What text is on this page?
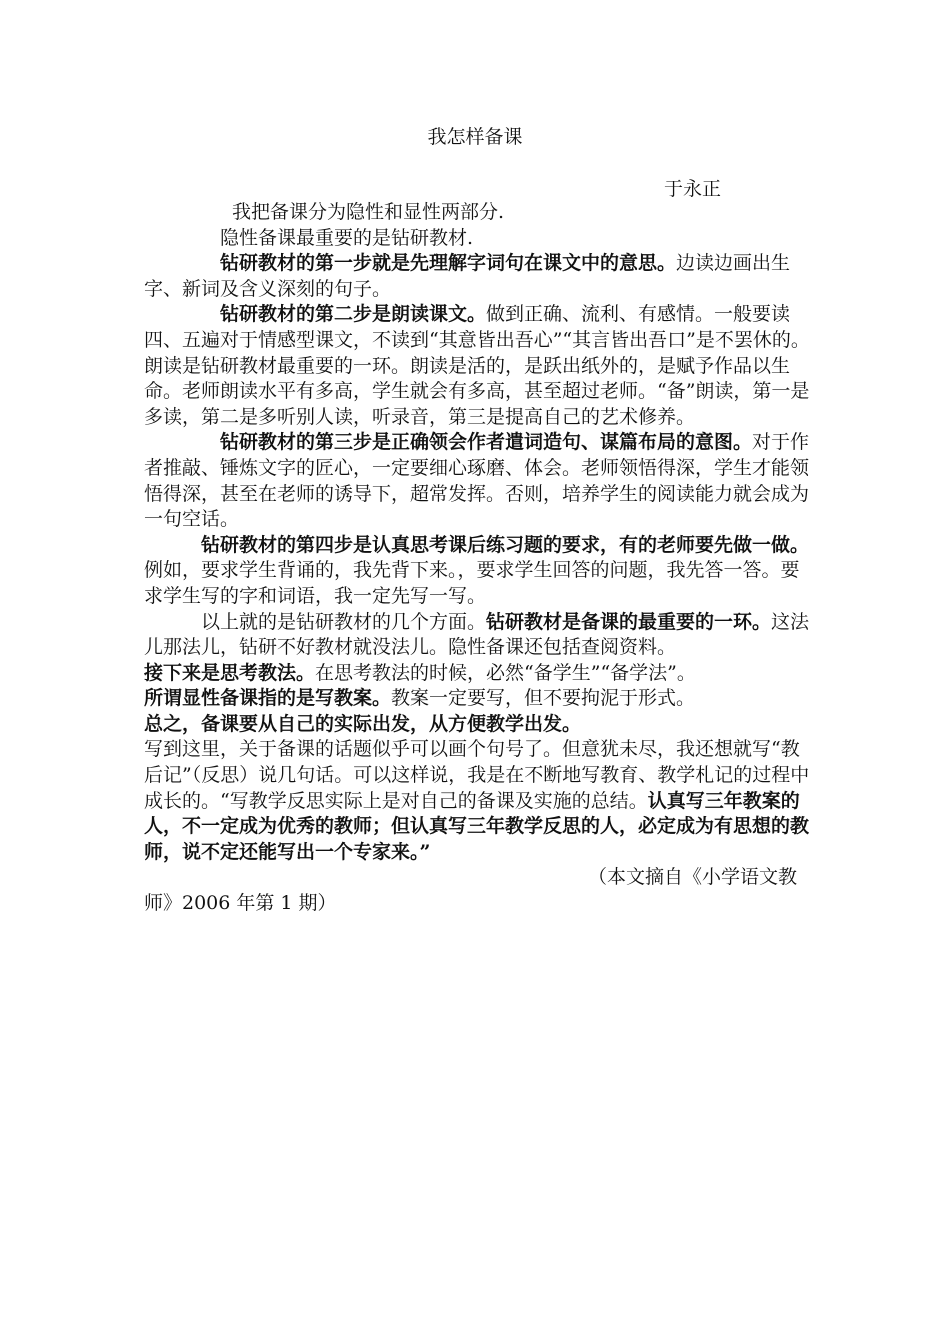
我怎样备课
于永正

我把备课分为隐性和显性两部分.

隐性备课最重要的是钻研教材.

钻研教材的第一步就是先理解字词句在课文中的意思。边读边画出生字、新词及含义深刻的句子。

钻研教材的第二步是朗读课文。做到正确、流利、有感情。一般要读四、五遍对于情感型课文，不读到“其意皆出吾心”“其言皆出吾口”是不罢休的。朗读是钻研教材最重要的一环。朗读是活的，是跃出纸外的，是赋予作品以生命。老师朗读水平有多高，学生就会有多高，甚至超过老师。“备”朗读，第一是多读，第二是多听别人读，听录音，第三是提高自己的艺术修养。

钻研教材的第三步是正确领会作者遣词造句、谋篇布局的意图。对于作者推敲、锤炼文字的匠心，一定要细心琢磨、体会。老师领悟得深，学生才能领悟得深，甚至在老师的诱导下，超常发挥。否则，培养学生的阅读能力就会成为一句空话。

钻研教材的第四步是认真思考课后练习题的要求，有的老师要先做一做。例如，要求学生背诵的，我先背下来。，要求学生回答的问题，我先答一答。要求学生写的字和词语，我一定先写一写。

以上就的是钻研教材的几个方面。钻研教材是备课的最重要的一环。这法儿那法儿，钻研不好教材就没法儿。隐性备课还包括查阅资料。

接下来是思考教法。在思考教法的时候，必然“备学生”“备学法”。

所谓显性备课指的是写教案。教案一定要写，但不要拘泥于形式。

总之，备课要从自己的实际出发，从方便教学出发。

写到这里，关于备课的话题似乎可以画个句号了。但意犹未尽，我还想就写“教后记”（反思）说几句话。可以这样说，我是在不断地写教育、教学札记的过程中成长的。“写教学反思实际上是对自己的备课及实施的总结。认真写三年教案的人，不一定成为优秀的教师；但认真写三年教学反思的人，必定成为有思想的教师，说不定还能写出一个专家来。”

（本文摘自《小学语文教师》2006 年第 1 期）
